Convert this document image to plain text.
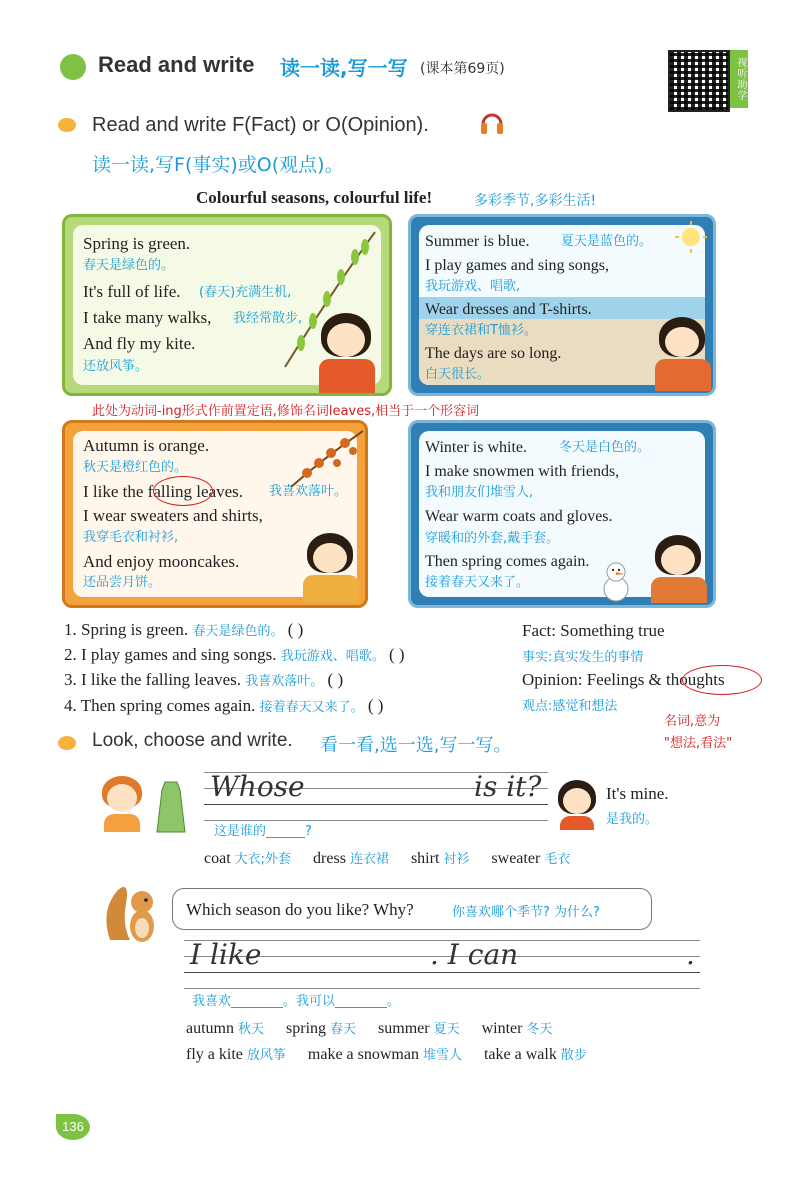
Read and write 读一读,写一写 (课本第69页)	视听助学
Read and write F(Fact) or O(Opinion).
读一读,写F(事实)或O(观点)。
Colourful seasons, colourful life!	多彩季节,多彩生活!
Spring is green.
春天是绿色的。
It's full of life. (春天)充满生机,
I take many walks, 我经常散步,
And fly my kite.
还放风筝。
Summer is blue. 夏天是蓝色的。
I play games and sing songs,
我玩游戏、唱歌,
Wear dresses and T-shirts.
穿连衣裙和T恤衫。
The days are so long.
白天很长。
此处为动词-ing形式作前置定语,修饰名词leaves,相当于一个形容词
Autumn is orange.
秋天是橙红色的。
I like the falling leaves. 我喜欢落叶。
I wear sweaters and shirts,
我穿毛衣和衬衫,
And enjoy mooncakes.
还品尝月饼。
Winter is white. 冬天是白色的。
I make snowmen with friends,
我和朋友们堆雪人,
Wear warm coats and gloves.
穿暖和的外套,戴手套。
Then spring comes again.
接着春天又来了。
1. Spring is green. 春天是绿色的。 ( )
2. I play games and sing songs. 我玩游戏、唱歌。 ( )
3. I like the falling leaves. 我喜欢落叶。 ( )
4. Then spring comes again. 接着春天又来了。 ( )
Fact: Something true
事实:真实发生的事情
Opinion: Feelings & thoughts
观点:感觉和想法
名词,意为
"想法,看法"
Look, choose and write. 看一看,选一选,写一写。
Whose	is it?
这是谁的______?
It's mine.
是我的。
coat 大衣;外套 dress 连衣裙 shirt 衬衫 sweater 毛衣
Which season do you like? Why?	你喜欢哪个季节? 为什么?
I like	. I can	.
我喜欢________。我可以________。
autumn 秋天 spring 春天 summer 夏天 winter 冬天
fly a kite 放风筝 make a snowman 堆雪人 take a walk 散步
136
